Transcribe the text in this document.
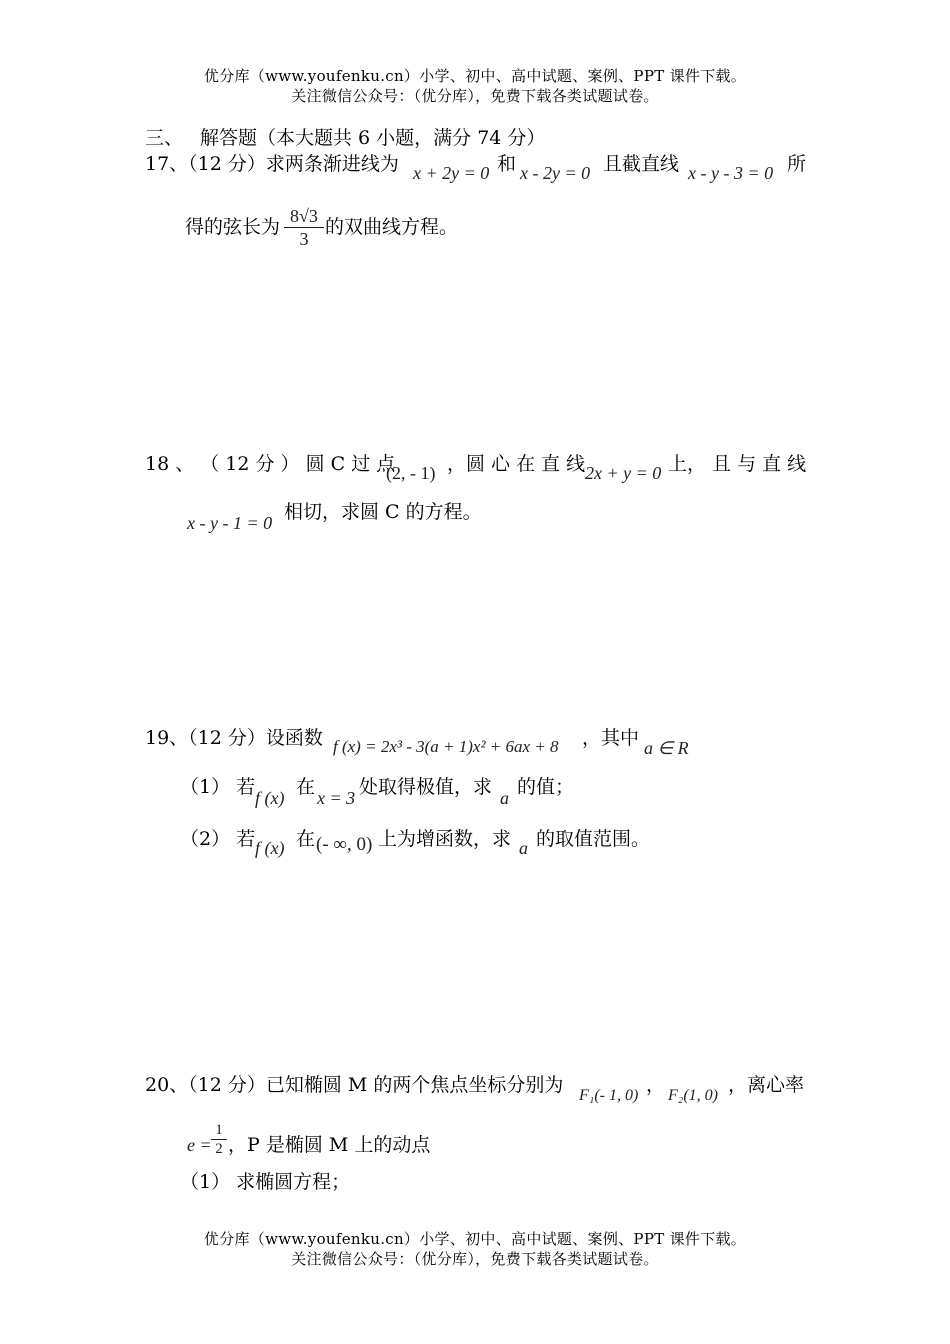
优分库（www.youfenku.cn）小学、初中、高中试题、案例、PPT 课件下载。
关注微信公众号：（优分库），免费下载各类试题试卷。
三、 解答题（本大题共 6 小题，满分 74 分）
17、（12 分）求两条渐进线为 x + 2y = 0 和 x - 2y = 0 且截直线 x - y - 3 = 0 所
得的弦长为 $\frac{8√3}{3}$ 的双曲线方程。
18 、 （ 12 分 ） 圆 C 过 点
(2, - 1) ，圆 心 在 直 线 2x + y = 0 上， 且 与 直 线
x - y - 1 = 0 相切，求圆 C 的方程。
19、（12 分）设函数 f (x) = 2x³ - 3(a + 1)x² + 6ax + 8 ，其中 a ∈ R
（1） 若 f (x) 在 x = 3 处取得极值，求 a 的值；
（2） 若 f (x) 在 (- ∞, 0) 上为增函数，求 a 的取值范围。
20、（12 分）已知椭圆 M 的两个焦点坐标分别为 F₁(- 1, 0) ， F₂(1, 0) ，离心率
$e = \frac{1}{2}$ ，P 是椭圆 M 上的动点
（1） 求椭圆方程；
优分库（www.youfenku.cn）小学、初中、高中试题、案例、PPT 课件下载。
关注微信公众号：（优分库），免费下载各类试题试卷。
